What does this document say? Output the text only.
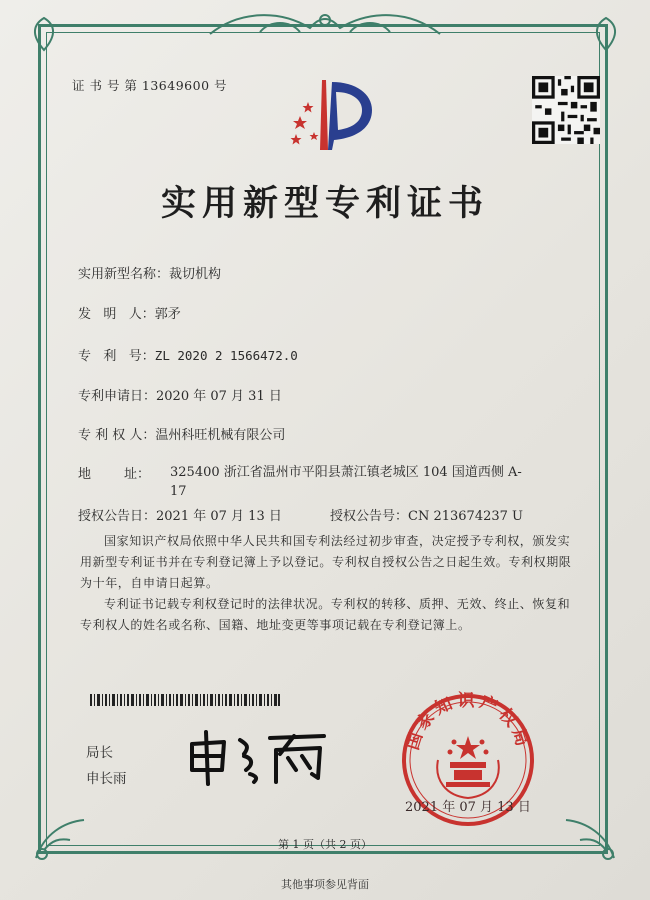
证 书 号 第 13649600 号
实用新型专利证书
实用新型名称：裁切机构
发   明   人：郭矛
专   利   号：ZL 2020 2 1566472.0
专利申请日：2020 年 07 月 31 日
专 利 权 人：温州科旺机械有限公司
地        址： 325400 浙江省温州市平阳县萧江镇老城区 104 国道西侧 A-17
授权公告日：2021 年 07 月 13 日	授权公告号：CN 213674237 U
国家知识产权局依照中华人民共和国专利法经过初步审查，决定授予专利权，颁发实用新型专利证书并在专利登记簿上予以登记。专利权自授权公告之日起生效。专利权期限为十年，自申请日起算。
专利证书记载专利权登记时的法律状况。专利权的转移、质押、无效、终止、恢复和专利权人的姓名或名称、国籍、地址变更等事项记载在专利登记簿上。
局长
申长雨
国家知识产权局
2021 年 07 月 13 日
第 1 页（共 2 页）
其他事项参见背面
